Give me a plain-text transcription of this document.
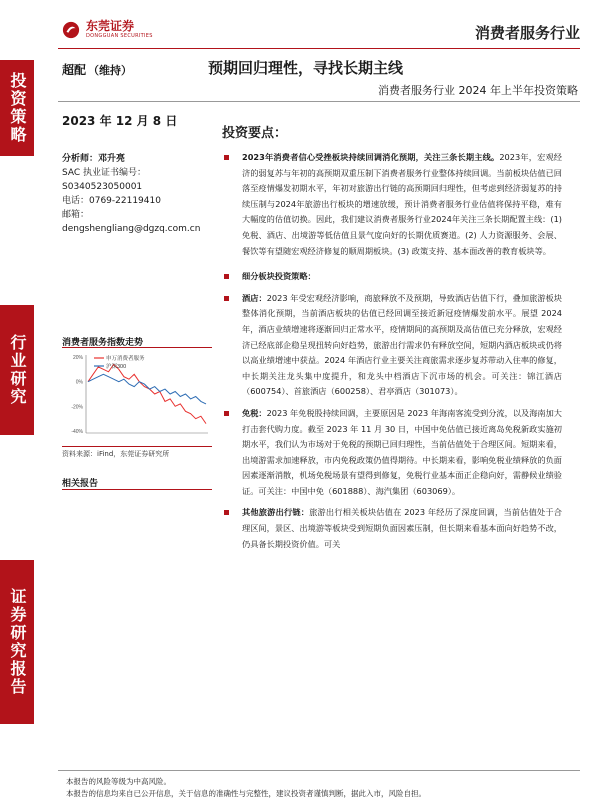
投资策略
行业研究
证券研究报告
东莞证券
DONGGUAN SECURITIES	消费者服务行业
超配 （维持）	预期回归理性，寻找长期主线
消费者服务行业 2024 年上半年投资策略
2023 年 12 月 8 日
分析师：邓升亮
SAC 执业证书编号：
S0340523050001
电话：0769-22119410
邮箱：
dengshengliang@dgzq.com.cn
消费者服务指数走势
-40%
-20%
0%
20%	申万消费者服务
沪深300
资料来源：iFind，东莞证券研究所
相关报告
投资要点：

2023年消费者信心受挫板块持续回调消化预期，关注三条长期主线。2023年，宏观经济的弱复苏与年初的高预期双重压制下消费者服务行业整体持续回调。当前板块估值已回落至疫情爆发初期水平，年初对旅游出行链的高预期回归理性，但考虑到经济弱复苏的持续压制与2024年旅游出行板块的增速放缓，预计消费者服务行业估值将保持平稳，难有大幅度的估值切换。因此，我们建议消费者服务行业2024年关注三条长期配置主线：(1) 免税、酒店、出境游等低估值且景气度向好的长期优质赛道。(2) 人力资源服务、会展、餐饮等有望随宏观经济修复的顺周期板块。(3) 政策支持、基本面改善的教育板块等。

细分板块投资策略：

酒店：2023 年受宏观经济影响，商旅释放不及预期，导致酒店估值下行，叠加旅游板块整体消化预期，当前酒店板块的估值已经回调至接近新冠疫情爆发前水平。展望 2024 年，酒店业绩增速将逐渐回归正常水平，疫情期间的高预期及高估值已充分释放，宏观经济已经底部企稳呈现扭转向好趋势，旅游出行需求仍有释放空间，短期内酒店板块或仍将以高业绩增速中获益。2024 年酒店行业主要关注商旅需求逐步复苏带动入住率的修复，中长期关注龙头集中度提升，和龙头中档酒店下沉市场的机会。可关注：锦江酒店（600754）、首旅酒店（600258）、君亭酒店（301073）。

免税：2023 年免税股持续回调，主要原因是 2023 年海南客流受到分流，以及海南加大打击套代购力度。截至 2023 年 11 月 30 日，中国中免估值已接近离岛免税新政实施初期水平，我们认为市场对于免税的预期已回归理性，当前估值处于合理区间。短期来看，出境游需求加速释放，市内免税政策仍值得期待。中长期来看，影响免税业绩释放的负面因素逐渐消散，机场免税场景有望得到修复，免税行业基本面正企稳向好，需静候业绩验证。可关注：中国中免（601888）、海汽集团（603069）。

其他旅游出行链：旅游出行相关板块估值在 2023 年经历了深度回调，当前估值处于合理区间，景区、出境游等板块受到短期负面因素压制，但长期来看基本面向好趋势不改，仍具备长期投资价值。可关

本报告的风险等级为中高风险。
本报告的信息均来自已公开信息，关于信息的准确性与完整性，建议投资者谨慎判断，据此入市，风险自担。
